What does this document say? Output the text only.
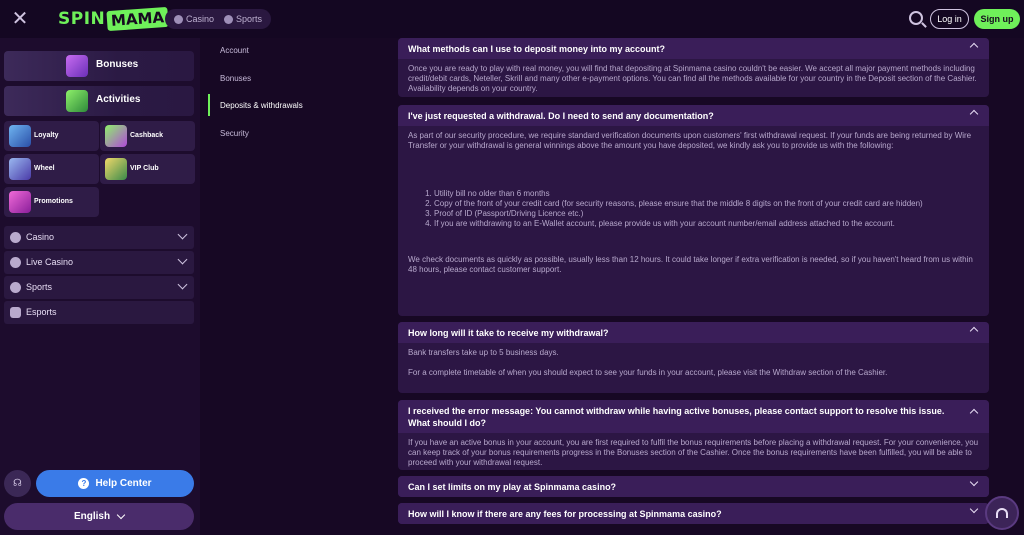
✕ SPIN MAMA	Casino Sports	Log in	Sign up
Bonuses
Activities
Loyalty	Cashback
Wheel	VIP Club
Promotions
Casino
Live Casino
Sports
Esports
☊	? Help Center
English
Account
Bonuses
Deposits & withdrawals
Security
What methods can I use to deposit money into my account?

Once you are ready to play with real money, you will find that depositing at Spinmama casino couldn't be easier. We accept all major payment methods including credit/debit cards, Neteller, Skrill and many other e-payment options. You can find all the methods available for your country in the Deposit section of the Cashier. Availability depends on your country.

I've just requested a withdrawal. Do I need to send any documentation?

As part of our security procedure, we require standard verification documents upon customers' first withdrawal request. If your funds are being returned by Wire Transfer or your withdrawal is general winnings above the amount you have deposited, we kindly ask you to provide us with the following:

1. Utility bill no older than 6 months
2. Copy of the front of your credit card (for security reasons, please ensure that the middle 8 digits on the front of your credit card are hidden)
3. Proof of ID (Passport/Driving Licence etc.)
4. If you are withdrawing to an E-Wallet account, please provide us with your account number/email address attached to the account.

We check documents as quickly as possible, usually less than 12 hours. It could take longer if extra verification is needed, so if you haven't heard from us within 48 hours, please contact customer support.

How long will it take to receive my withdrawal?

Bank transfers take up to 5 business days.

For a complete timetable of when you should expect to see your funds in your account, please visit the Withdraw section of the Cashier.

I received the error message: You cannot withdraw while having active bonuses, please contact support to resolve this issue. What should I do?

If you have an active bonus in your account, you are first required to fulfil the bonus requirements before placing a withdrawal request. For your convenience, you can keep track of your bonus requirements progress in the Bonuses section of the Cashier. Once the bonus requirements have been fulfilled, you will be able to proceed with your withdrawal request.

Can I set limits on my play at Spinmama casino?
How will I know if there are any fees for processing at Spinmama casino?
